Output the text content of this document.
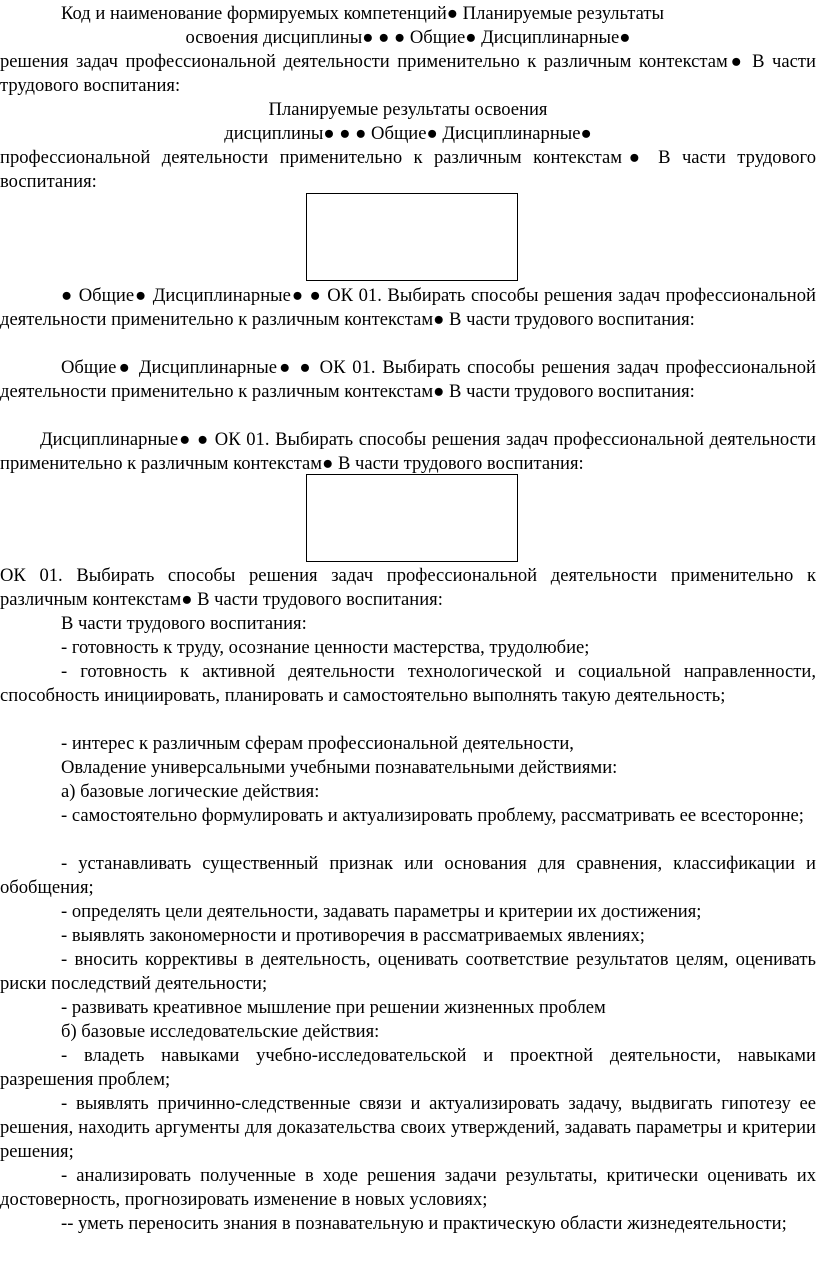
Код и наименование формируемых компетенций● Планируемые результаты

освоения дисциплины● ● ● Общие● Дисциплинарные●

решения задач профессиональной деятельности применительно к различным контекстам● В части трудового воспитания:

Планируемые результаты освоения

дисциплины● ● ● Общие● Дисциплинарные●

профессиональной деятельности применительно к различным контекстам● В части трудового воспитания:

● Общие● Дисциплинарные● ● ОК 01. Выбирать способы решения задач профессиональной деятельности применительно к различным контекстам● В части трудового воспитания:

Общие● Дисциплинарные● ● ОК 01. Выбирать способы решения задач профессиональной деятельности применительно к различным контекстам● В части трудового воспитания:

Дисциплинарные● ● ОК 01. Выбирать способы решения задач профессиональной деятельности применительно к различным контекстам● В части трудового воспитания:

ОК 01. Выбирать способы решения задач профессиональной деятельности применительно к различным контекстам● В части трудового воспитания:

В части трудового воспитания:

- готовность к труду, осознание ценности мастерства, трудолюбие;

- готовность к активной деятельности технологической и социальной направленности, способность инициировать, планировать и самостоятельно выполнять такую деятельность;

- интерес к различным сферам профессиональной деятельности,

Овладение универсальными учебными познавательными действиями:

а) базовые логические действия:

- самостоятельно формулировать и актуализировать проблему, рассматривать ее всесторонне;

- устанавливать существенный признак или основания для сравнения, классификации и обобщения;

- определять цели деятельности, задавать параметры и критерии их достижения;

- выявлять закономерности и противоречия в рассматриваемых явлениях;

- вносить коррективы в деятельность, оценивать соответствие результатов целям, оценивать риски последствий деятельности;

- развивать креативное мышление при решении жизненных проблем

б) базовые исследовательские действия:

- владеть навыками учебно-исследовательской и проектной деятельности, навыками разрешения проблем;

- выявлять причинно-следственные связи и актуализировать задачу, выдвигать гипотезу ее решения, находить аргументы для доказательства своих утверждений, задавать параметры и критерии решения;

- анализировать полученные в ходе решения задачи результаты, критически оценивать их достоверность, прогнозировать изменение в новых условиях;

-- уметь переносить знания в познавательную и практическую области жизнедеятельности;
